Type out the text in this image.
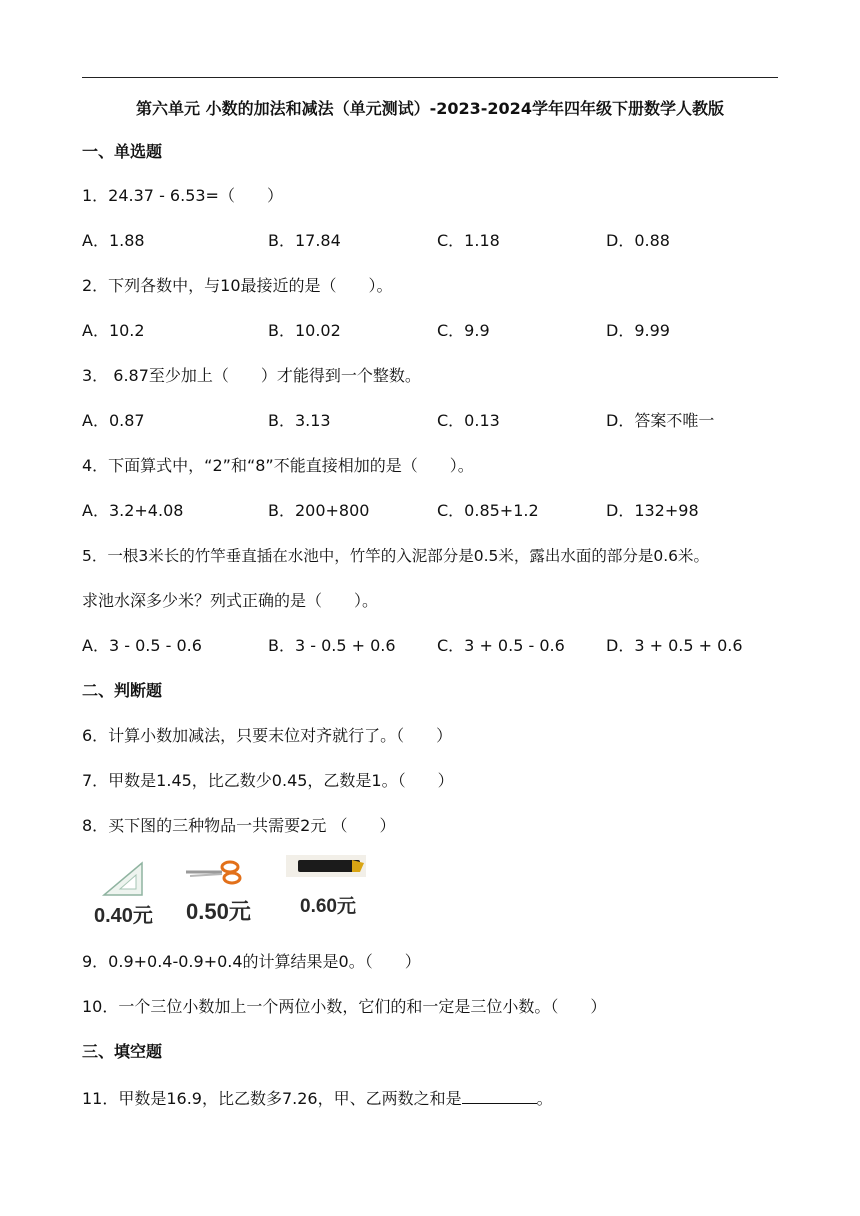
第六单元 小数的加法和减法（单元测试）-2023-2024学年四年级下册数学人教版
一、单选题
1．24.37 - 6.53=（　　）
A．1.88	B．17.84	C．1.18	D．0.88
2．下列各数中，与10最接近的是（　　）。
A．10.2	B．10.02	C．9.9	D．9.99
3． 6.87至少加上（　　）才能得到一个整数。
A．0.87	B．3.13	C．0.13	D．答案不唯一
4．下面算式中，“2”和“8”不能直接相加的是（　　）。
A．3.2+4.08	B．200+800	C．0.85+1.2	D．132+98
5．一根3米长的竹竿垂直插在水池中，竹竿的入泥部分是0.5米，露出水面的部分是0.6米。
求池水深多少米？列式正确的是（　　）。
A．3 - 0.5 - 0.6	B．3 - 0.5 + 0.6	C．3 + 0.5 - 0.6	D．3 + 0.5 + 0.6
二、判断题
6．计算小数加减法，只要末位对齐就行了。（　　）
7．甲数是1.45，比乙数少0.45，乙数是1。（　　）
8．买下图的三种物品一共需要2元 （　　）
0.40元 0.50元	0.60元
9．0.9+0.4-0.9+0.4的计算结果是0。（　　）
10．一个三位小数加上一个两位小数，它们的和一定是三位小数。（　　）
三、填空题
11．甲数是16.9，比乙数多7.26，甲、乙两数之和是	。
